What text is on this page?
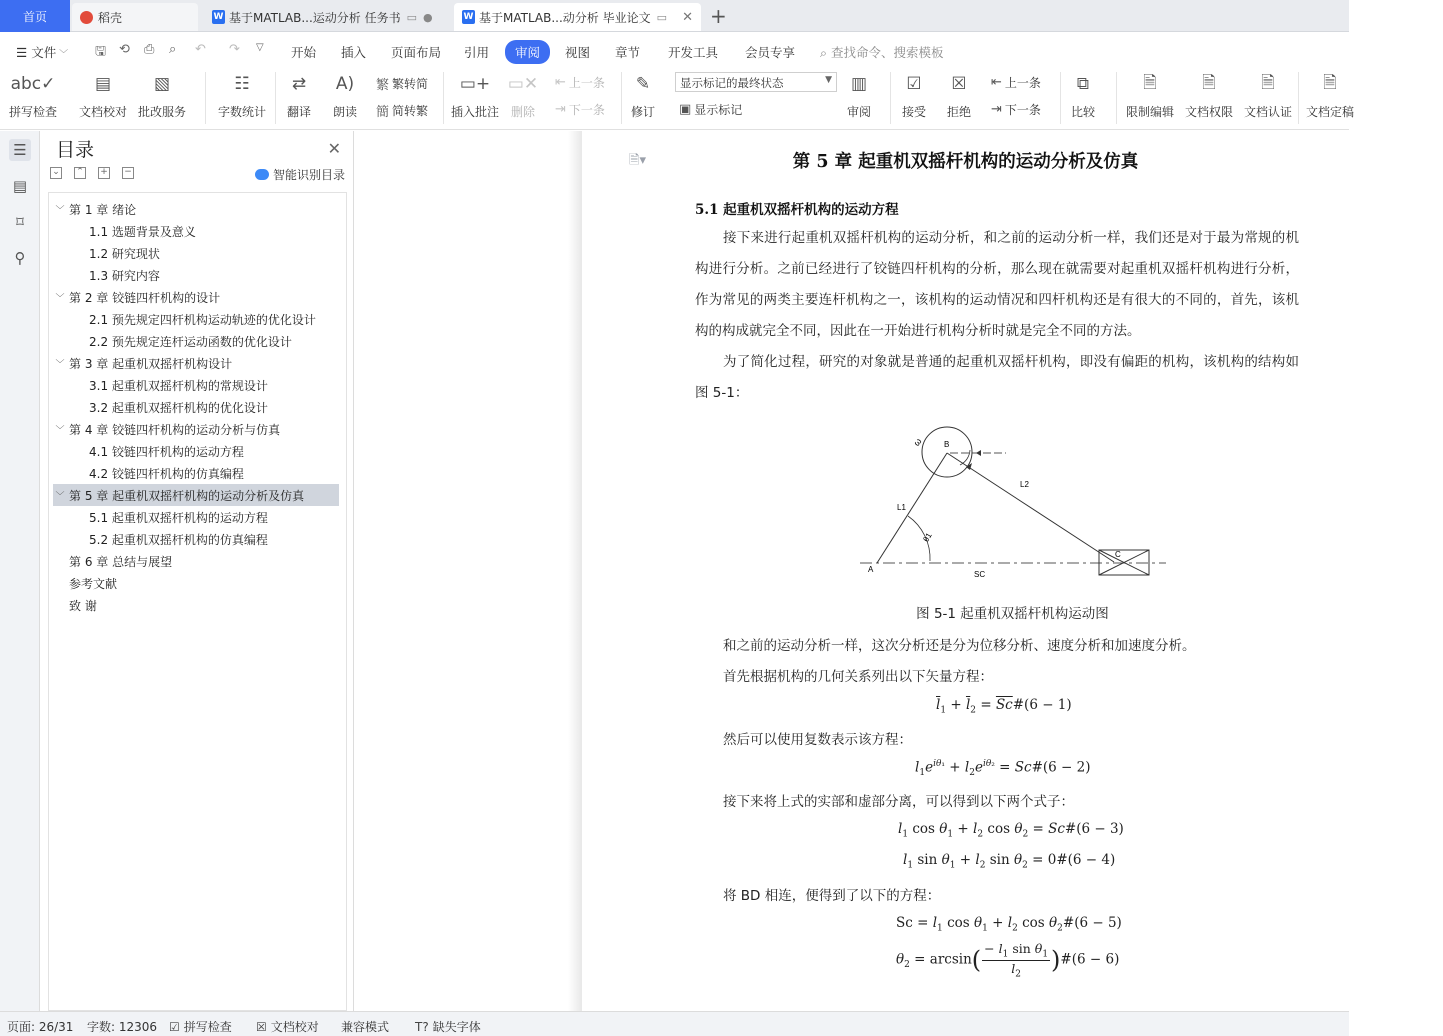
首页	稻壳	W 基于MATLAB...运动分析 任务书 ▭ ●	W 基于MATLAB...动分析 毕业论文 ▭ ✕ +
☰ 文件 ﹀	🖫 ⟲ ⎙ ⌕ ↶ ↷ ▽	开始	插入	页面布局	引用	审阅	视图	章节	开发工具	会员专享	⌕ 查找命令、搜索模板
abc✓
拼写检查
▤
文档校对
▧
批改服务
☷
字数统计
⇄
翻译
A)
朗读
繁 繁转简
簡 简转繁
▭+
插入批注
▭✕
删除
⇤ 上一条
⇥ 下一条
✎
修订
显示标记的最终状态	▼
▣ 显示标记
▥
审阅
☑
接受
☒
拒绝
⇤ 上一条
⇥ 下一条
⧉
比较
🗎
限制编辑
🗎
文档权限
🗎
文档认证
🗎
文档定稿
☰
▤
⌑
⚲
目录	✕
⌄ ⌃ + −	智能识别目录
﹀ 第 1 章 绪论
1.1 选题背景及意义
1.2 研究现状
1.3 研究内容
﹀ 第 2 章 铰链四杆机构的设计
2.1 预先规定四杆机构运动轨迹的优化设计
2.2 预先规定连杆运动函数的优化设计
﹀ 第 3 章 起重机双摇杆机构设计
3.1 起重机双摇杆机构的常规设计
3.2 起重机双摇杆机构的优化设计
﹀ 第 4 章 铰链四杆机构的运动分析与仿真
4.1 铰链四杆机构的运动方程
4.2 铰链四杆机构的仿真编程
﹀ 第 5 章 起重机双摇杆机构的运动分析及仿真
5.1 起重机双摇杆机构的运动方程
5.2 起重机双摇杆机构的仿真编程
第 6 章 总结与展望
参考文献
致 谢
🗎▾	第 5 章 起重机双摇杆机构的运动分析及仿真
5.1 起重机双摇杆机构的运动方程
接下来进行起重机双摇杆机构的运动分析，和之前的运动分析一样，我们还是对于最为常规的机构进行分析。之前已经进行了铰链四杆机构的分析，那么现在就需要对起重机双摇杆机构进行分析，作为常见的两类主要连杆机构之一，该机构的运动情况和四杆机构还是有很大的不同的，首先，该机构的构成就完全不同，因此在一开始进行机构分析时就是完全不同的方法。
为了简化过程，研究的对象就是普通的起重机双摇杆机构，即没有偏距的机构，该机构的结构如图 5-1：
B
C
A
L1
L2
SC
θ1
ω
图 5-1 起重机双摇杆机构运动图
和之前的运动分析一样，这次分析还是分为位移分析、速度分析和加速度分析。
首先根据机构的几何关系列出以下矢量方程：
$\overline{l}_1 + \overline{l}_2$ = $\overline{Sc}\#(6 - 1)$
然后可以使用复数表示该方程：
$l_1e^{i\theta_1} + l_2e^{i\theta_2}$ = Sc#(6 − 2)
接下来将上式的实部和虚部分离，可以得到以下两个式子：
$l_1$ $\cos \theta_1 + l_2$ $\cos \theta_2$ = Sc#(6 − 3)
$l_1$ $\sin \theta_1 + l_2$ $\sin \theta_2$ = 0#(6 − 4)
将 BD 相连，便得到了以下的方程：
$Sc = l_1$ $\cos \theta_1 + l_2$ $\cos \theta_2\#(6 - 5)$
$\theta_2 = \arcsin( \frac{- l_1 \sin \theta_1}{l_2}$ )#(6 − 6)
页面: 26/31 字数: 12306 ☑ 拼写检查 ☒ 文档校对 兼容模式 T? 缺失字体
